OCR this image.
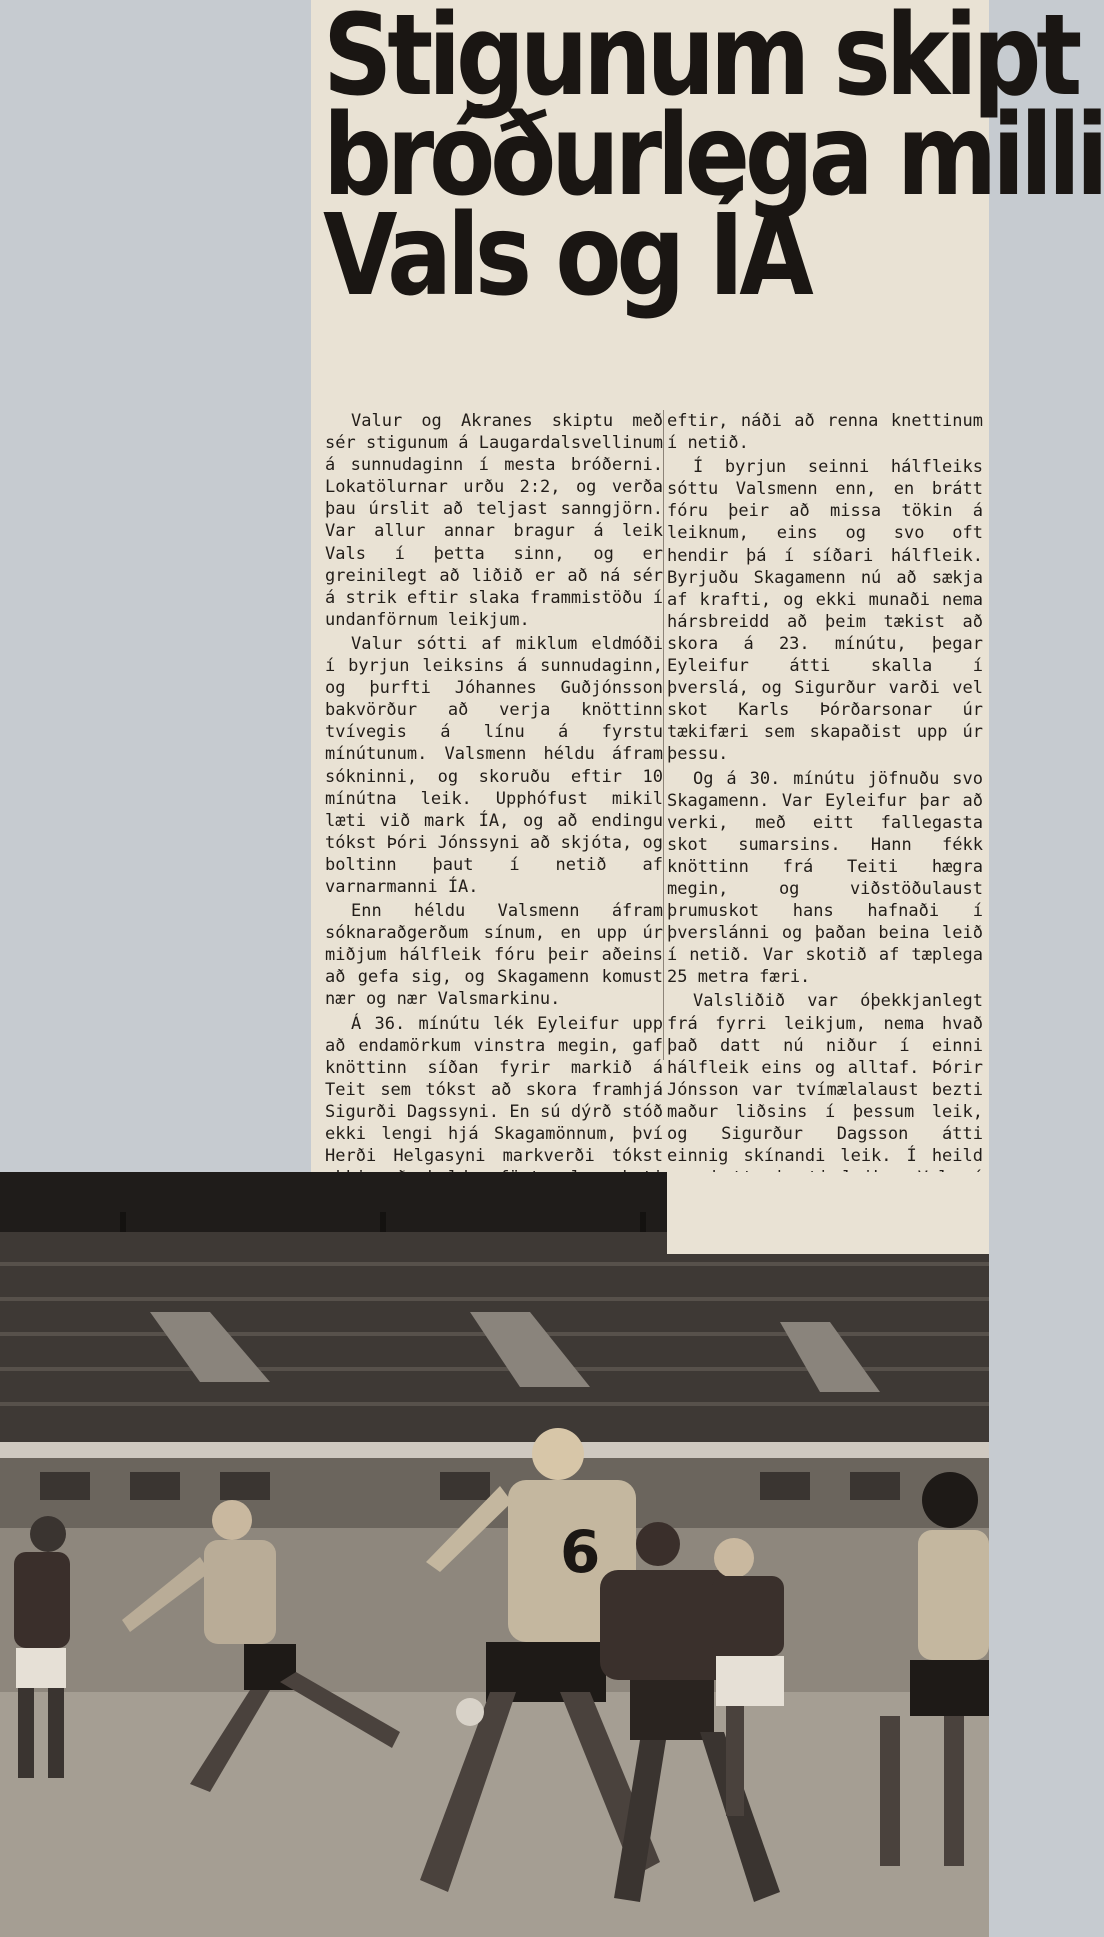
Stigunum skipt
bróðurlega milli
Vals og ÍA

Valur og Akranes skiptu með sér stigunum á Laugardalsvellinum á sunnudaginn í mesta bróðerni. Lokatölurnar urðu 2:2, og verða þau úrslit að teljast sanngjörn. Var allur annar bragur á leik Vals í þetta sinn, og er greinilegt að liðið er að ná sér á strik eftir slaka frammistöðu í undanförnum leikjum.

Valur sótti af miklum eldmóði í byrjun leiksins á sunnudaginn, og þurfti Jóhannes Guðjónsson bakvörður að verja knöttinn tvívegis á línu á fyrstu mínútunum. Valsmenn héldu áfram sókninni, og skoruðu eftir 10 mínútna leik. Upphófust mikil læti við mark ÍA, og að endingu tókst Þóri Jónssyni að skjóta, og boltinn þaut í netið af varnarmanni ÍA.

Enn héldu Valsmenn áfram sóknaraðgerðum sínum, en upp úr miðjum hálfleik fóru þeir aðeins að gefa sig, og Skagamenn komust nær og nær Valsmarkinu.

Á 36. mínútu lék Eyleifur upp að endamörkum vinstra megin, gaf knöttinn síðan fyrir markið á Teit sem tókst að skora framhjá Sigurði Dagssyni. En sú dýrð stóð ekki lengi hjá Skagamönnum, því Herði Helgasyni markverði tókst

eftir, náði að renna knettinum í netið.

Í byrjun seinni hálfleiks sóttu Valsmenn enn, en brátt fóru þeir að missa tökin á leiknum, eins og svo oft hendir þá í síðari hálfleik. Byrjuðu Skagamenn nú að sækja af krafti, og ekki munaði nema hársbreidd að þeim tækist að skora á 23. mínútu, þegar Eyleifur átti skalla í þverslá, og Sigurður varði vel skot Karls Þórðarsonar úr tækifæri sem skapaðist upp úr þessu.

Og á 30. mínútu jöfnuðu svo Skagamenn. Var Eyleifur þar að verki, með eitt fallegasta skot sumarsins. Hann fékk knöttinn frá Teiti hægra megin, og viðstöðulaust þrumuskot hans hafnaði í þverslánni og þaðan beina leið í netið. Var skotið af tæplega 25 metra færi.

Valsliðið var óþekkjanlegt frá fyrri leikjum, nema hvað það datt nú niður í einni hálfleik eins og alltaf. Þórir Jónsson var tvímælalaust bezti maður liðsins í þessum leik, og Sigurður Dagsson átti einnig skínandi leik. Í heild

6
